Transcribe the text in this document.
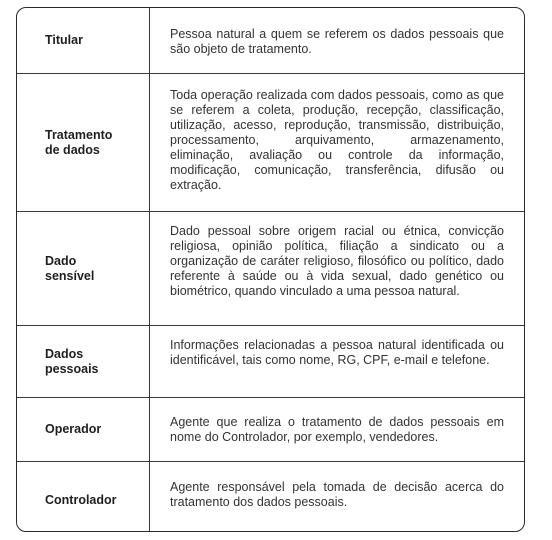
Titular	Pessoa natural a quem se referem os dados pessoais que são objeto de tratamento.

Tratamento de dados

Toda operação realizada com dados pessoais, como as que se referem a coleta, produção, recepção, classificação, utilização, acesso, reprodução, transmissão, distribuição, processamento, arquivamento, armazenamento, eliminação, avaliação ou controle da informação, modificação, comunicação, transferência, difusão ou extração.

Dado sensível

Dado pessoal sobre origem racial ou étnica, convicção religiosa, opinião política, filiação a sindicato ou a organização de caráter religioso, filosófico ou político, dado referente à saúde ou à vida sexual, dado genético ou biométrico, quando vinculado a uma pessoa natural.

Dados pessoais

Informações relacionadas a pessoa natural identificada ou identificável, tais como nome, RG, CPF, e-mail e telefone.

Operador	Agente que realiza o tratamento de dados pessoais em nome do Controlador, por exemplo, vendedores.

Controlador

Agente responsável pela tomada de decisão acerca do tratamento dos dados pessoais.
